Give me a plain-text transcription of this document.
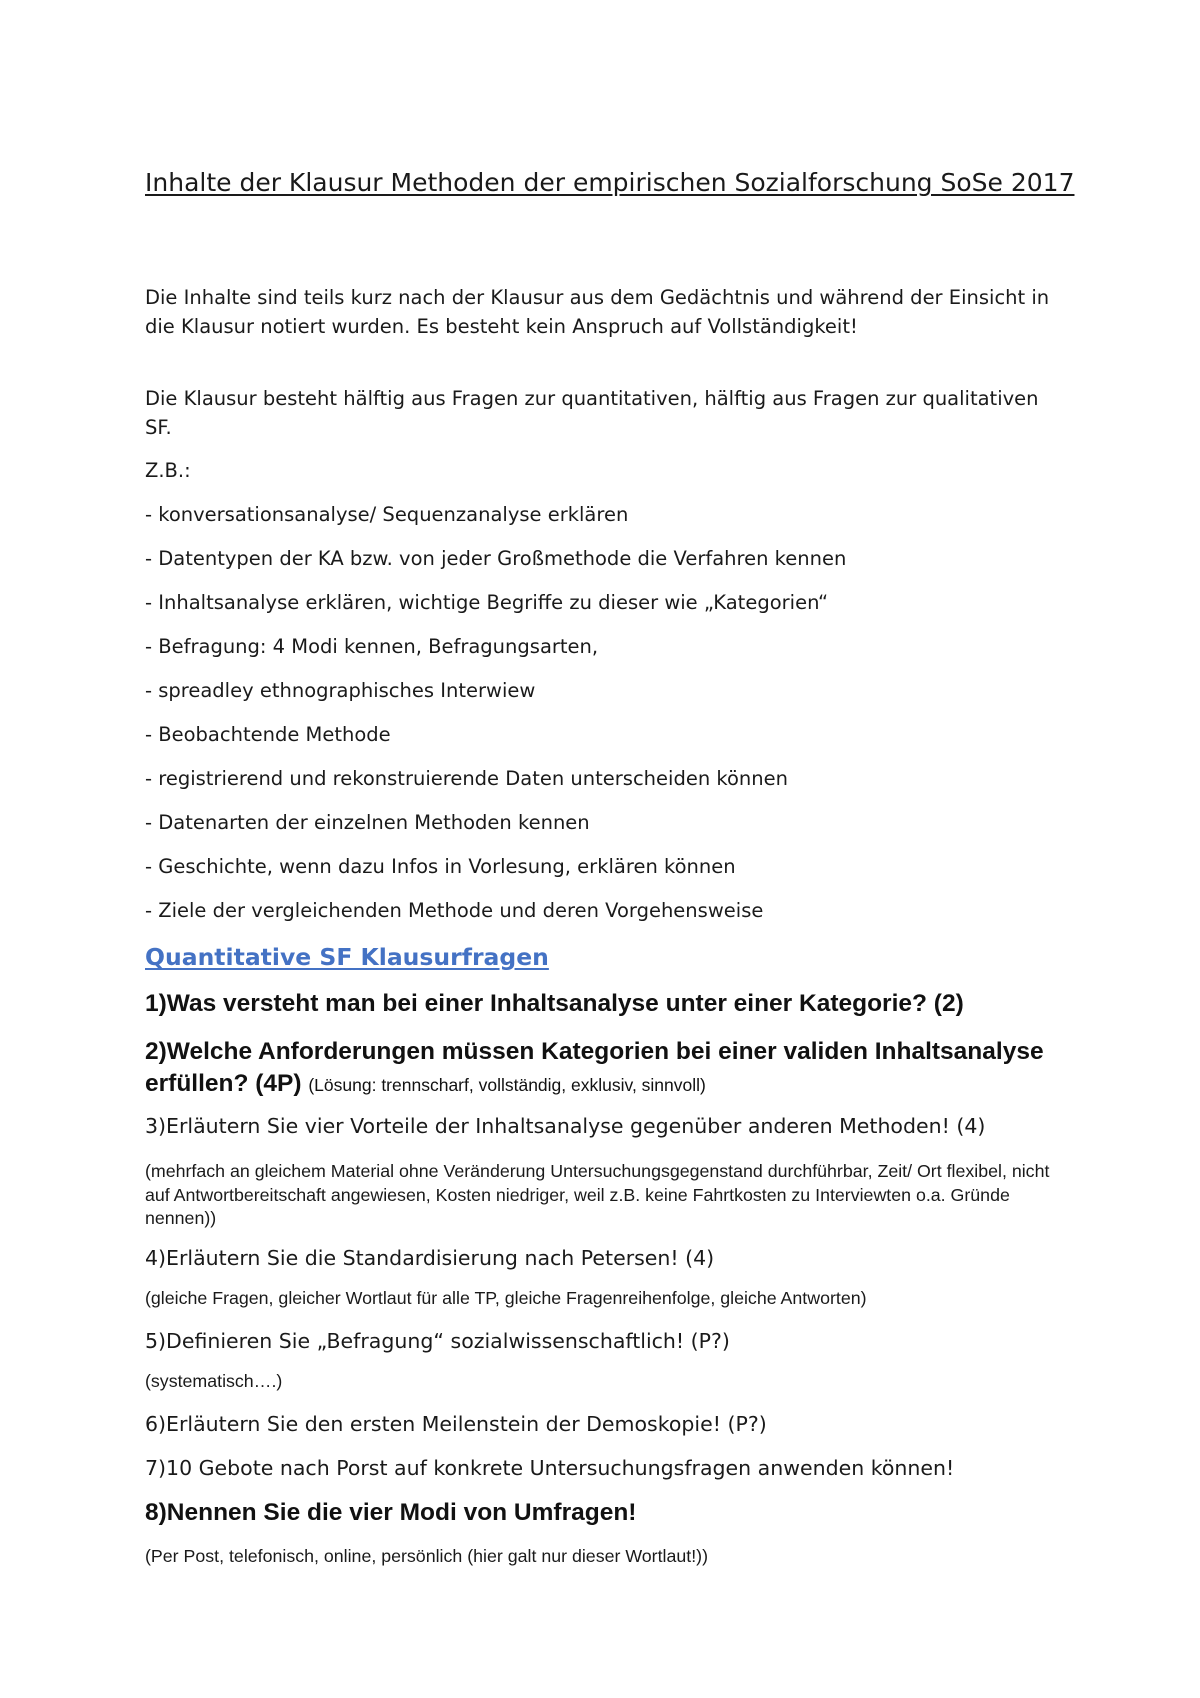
Inhalte der Klausur Methoden der empirischen Sozialforschung SoSe 2017

Die Inhalte sind teils kurz nach der Klausur aus dem Gedächtnis und während der Einsicht in die Klausur notiert wurden. Es besteht kein Anspruch auf Vollständigkeit!

Die Klausur besteht hälftig aus Fragen zur quantitativen, hälftig aus Fragen zur qualitativen SF.

Z.B.:

- konversationsanalyse/ Sequenzanalyse erklären

- Datentypen der KA bzw. von jeder Großmethode die Verfahren kennen

- Inhaltsanalyse erklären, wichtige Begriffe zu dieser wie „Kategorien“

- Befragung: 4 Modi kennen, Befragungsarten,

- spreadley ethnographisches Interwiew

- Beobachtende Methode

- registrierend und rekonstruierende Daten unterscheiden können

- Datenarten der einzelnen Methoden kennen

- Geschichte, wenn dazu Infos in Vorlesung, erklären können

- Ziele der vergleichenden Methode und deren Vorgehensweise

Quantitative SF Klausurfragen

1)Was versteht man bei einer Inhaltsanalyse unter einer Kategorie? (2)

2)Welche Anforderungen müssen Kategorien bei einer validen Inhaltsanalyse erfüllen? (4P) (Lösung: trennscharf, vollständig, exklusiv, sinnvoll)

3)Erläutern Sie vier Vorteile der Inhaltsanalyse gegenüber anderen Methoden! (4)

(mehrfach an gleichem Material ohne Veränderung Untersuchungsgegenstand durchführbar, Zeit/ Ort flexibel, nicht auf Antwortbereitschaft angewiesen, Kosten niedriger, weil z.B. keine Fahrtkosten zu Interviewten o.a. Gründe nennen))

4)Erläutern Sie die Standardisierung nach Petersen! (4)

(gleiche Fragen, gleicher Wortlaut für alle TP, gleiche Fragenreihenfolge, gleiche Antworten)

5)Definieren Sie „Befragung“ sozialwissenschaftlich! (P?)

(systematisch….)

6)Erläutern Sie den ersten Meilenstein der Demoskopie! (P?)

7)10 Gebote nach Porst auf konkrete Untersuchungsfragen anwenden können!

8)Nennen Sie die vier Modi von Umfragen!

(Per Post, telefonisch, online, persönlich (hier galt nur dieser Wortlaut!))
